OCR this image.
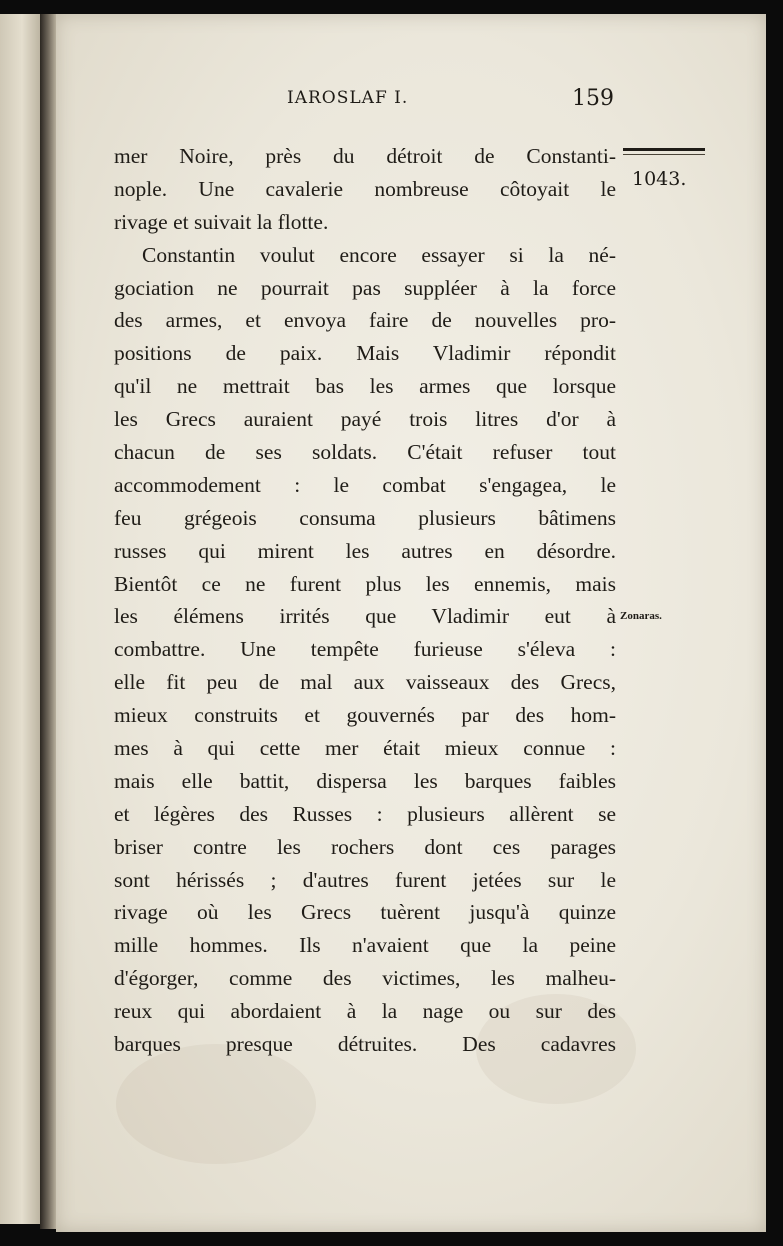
IAROSLAF I.	159
1043.
Zonaras.
mer Noire, près du détroit de Constanti-
nople. Une cavalerie nombreuse côtoyait le
rivage et suivait la flotte.
Constantin voulut encore essayer si la né-
gociation ne pourrait pas suppléer à la force
des armes, et envoya faire de nouvelles pro-
positions de paix. Mais Vladimir répondit
qu'il ne mettrait bas les armes que lorsque
les Grecs auraient payé trois litres d'or à
chacun de ses soldats. C'était refuser tout
accommodement : le combat s'engagea, le
feu grégeois consuma plusieurs bâtimens
russes qui mirent les autres en désordre.
Bientôt ce ne furent plus les ennemis, mais
les élémens irrités que Vladimir eut à
combattre. Une tempête furieuse s'éleva :
elle fit peu de mal aux vaisseaux des Grecs,
mieux construits et gouvernés par des hom-
mes à qui cette mer était mieux connue :
mais elle battit, dispersa les barques faibles
et légères des Russes : plusieurs allèrent se
briser contre les rochers dont ces parages
sont hérissés ; d'autres furent jetées sur le
rivage où les Grecs tuèrent jusqu'à quinze
mille hommes. Ils n'avaient que la peine
d'égorger, comme des victimes, les malheu-
reux qui abordaient à la nage ou sur des
barques presque détruites. Des cadavres
